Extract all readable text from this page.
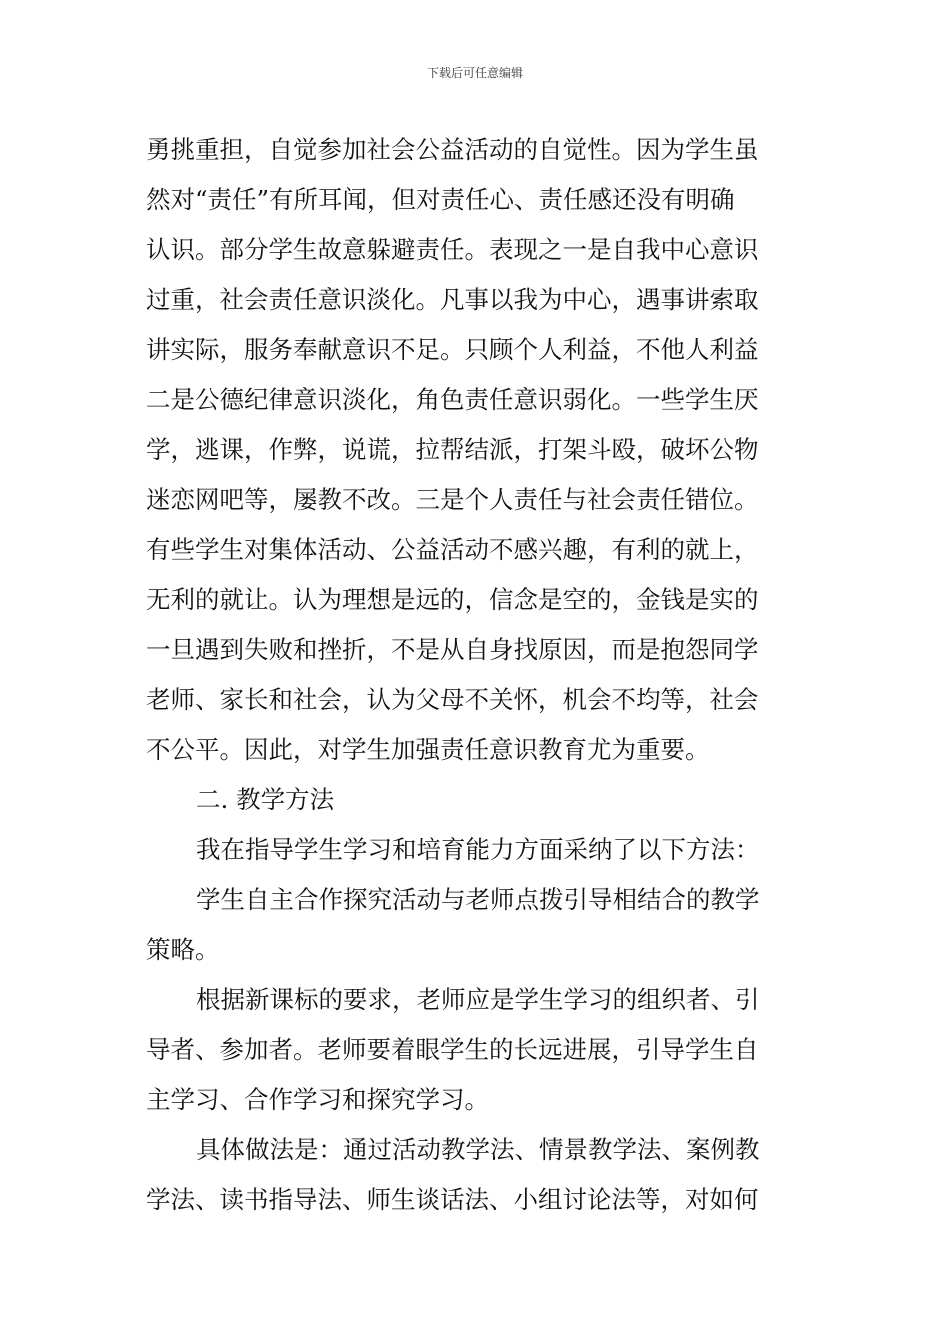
下载后可任意编辑
勇挑重担，自觉参加社会公益活动的自觉性。因为学生虽
然对“责任”有所耳闻，但对责任心、责任感还没有明确
认识。部分学生故意躲避责任。表现之一是自我中心意识
过重，社会责任意识淡化。凡事以我为中心，遇事讲索取
讲实际，服务奉献意识不足。只顾个人利益，不他人利益
二是公德纪律意识淡化，角色责任意识弱化。一些学生厌
学，逃课，作弊，说谎，拉帮结派，打架斗殴，破坏公物
迷恋网吧等，屡教不改。三是个人责任与社会责任错位。
有些学生对集体活动、公益活动不感兴趣，有利的就上，
无利的就让。认为理想是远的，信念是空的，金钱是实的
一旦遇到失败和挫折，不是从自身找原因，而是抱怨同学
老师、家长和社会，认为父母不关怀，机会不均等，社会
不公平。因此，对学生加强责任意识教育尤为重要。
二. 教学方法
我在指导学生学习和培育能力方面采纳了以下方法：
学生自主合作探究活动与老师点拨引导相结合的教学
策略。
根据新课标的要求，老师应是学生学习的组织者、引
导者、参加者。老师要着眼学生的长远进展，引导学生自
主学习、合作学习和探究学习。
具体做法是：通过活动教学法、情景教学法、案例教
学法、读书指导法、师生谈话法、小组讨论法等，对如何
